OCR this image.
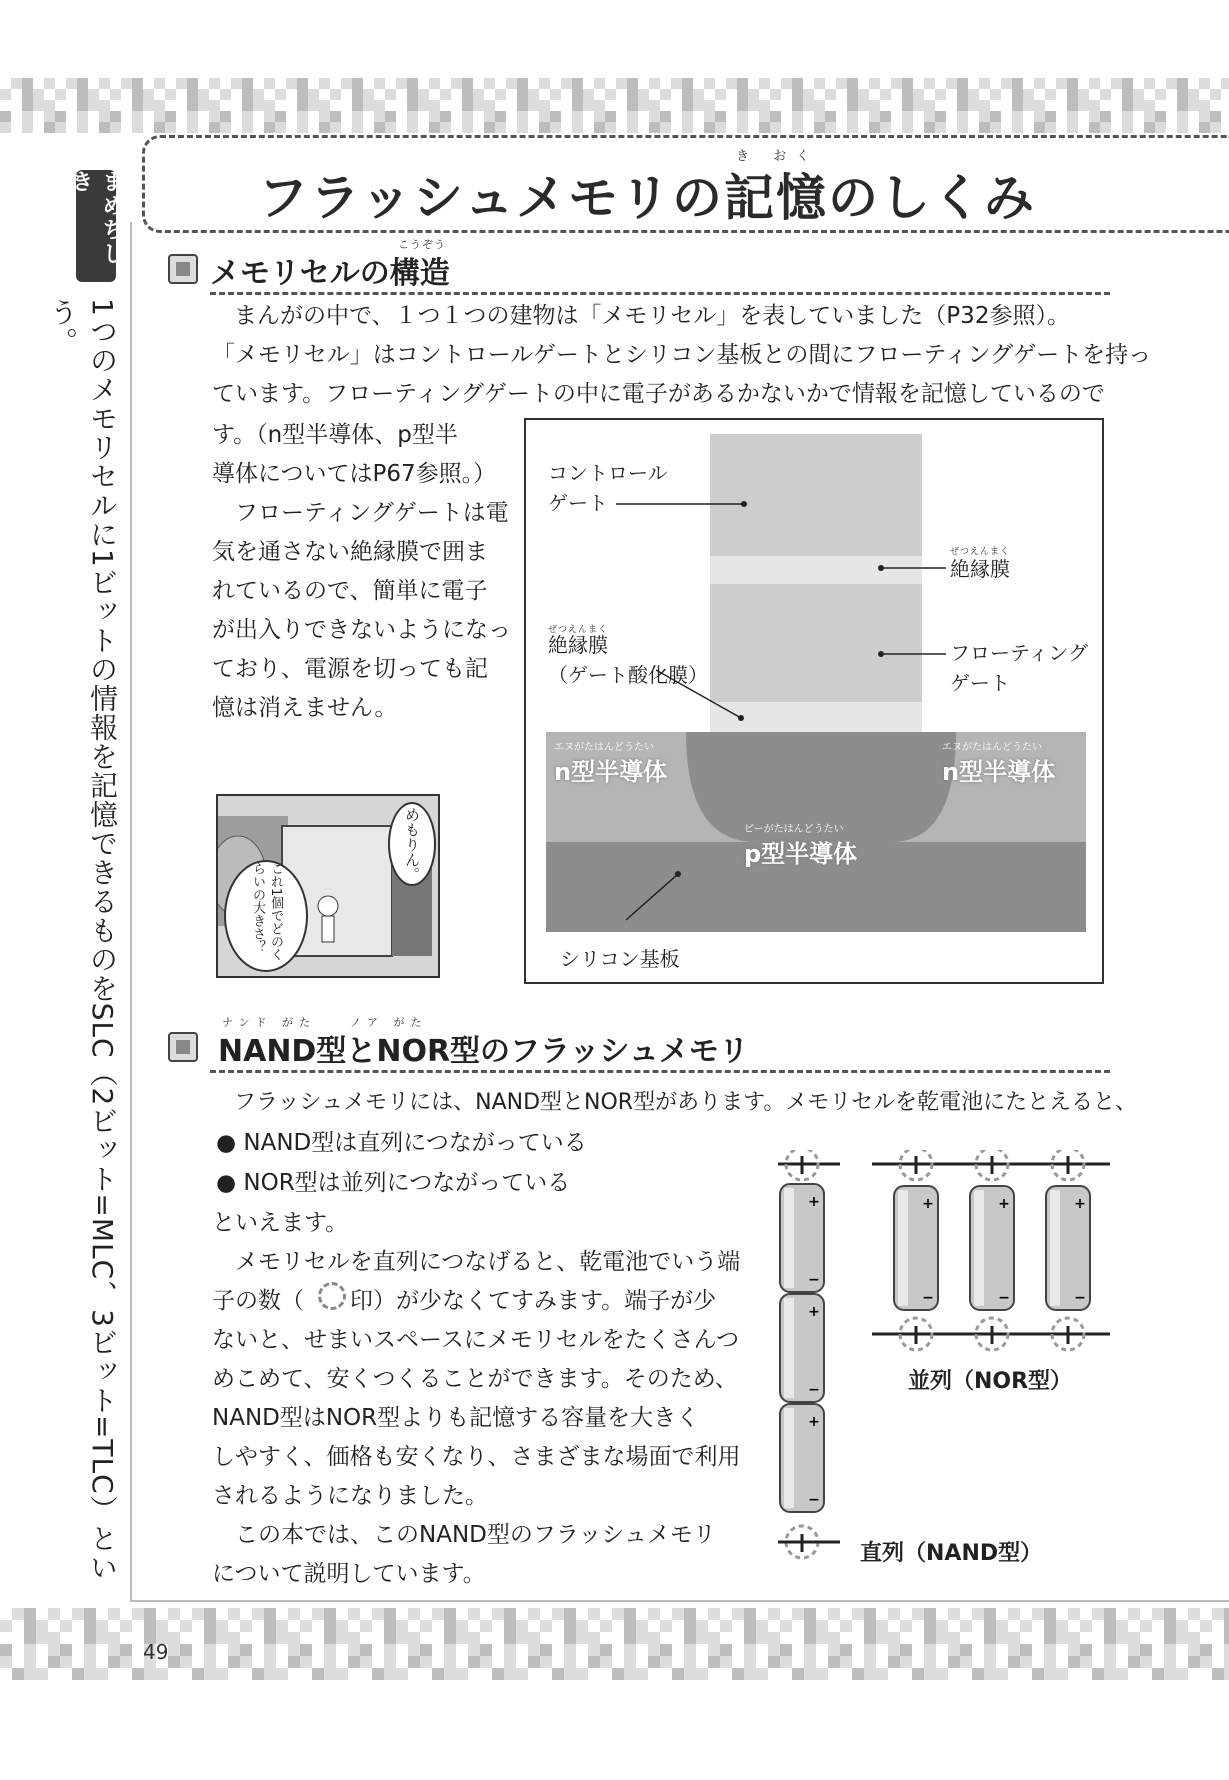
き おく
フラッシュメモリの記憶のしくみ
まめちしき
1つのメモリセルに1ビットの情報を記憶できるものをSLC（2ビット=MLC、3ビット=TLC）という。
こうぞう
メモリセルの構造
まんがの中で、１つ１つの建物は「メモリセル」を表していました（P32参照）。
「メモリセル」はコントロールゲートとシリコン基板との間にフローティングゲートを持っ
ています。フローティングゲートの中に電子があるかないかで情報を記憶しているので
す。（n型半導体、p型半
導体についてはP67参照。）
　フローティングゲートは電
気を通さない絶縁膜で囲ま
れているので、簡単に電子
が出入りできないようになっ
ており、電源を切っても記
憶は消えません。
コントロール
ゲート
ぜつえんまく
絶縁膜
ぜつえんまく
絶縁膜
（ゲート酸化膜）
フローティング
ゲート
エヌがたはんどうたい
n型半導体
エヌがたはんどうたい
n型半導体
ピーがたはんどうたい
p型半導体
シリコン基板
めもりん。
これ1個でどのくらいの大きさ？
ナンド がた　　ノア がた
NAND型とNOR型のフラッシュメモリ
フラッシュメモリには、NAND型とNOR型があります。メモリセルを乾電池にたとえると、
● NAND型は直列につながっている
● NOR型は並列につながっている
といえます。
　メモリセルを直列につなげると、乾電池でいう端
子の数（　　印）が少なくてすみます。端子が少
ないと、せまいスペースにメモリセルをたくさんつ
めこめて、安くつくることができます。そのため、
NAND型はNOR型よりも記憶する容量を大きく
しやすく、価格も安くなり、さまざまな場面で利用
されるようになりました。
　この本では、このNAND型のフラッシュメモリ
について説明しています。
+
−
+
−
+
−
+
−
+
−
+
−
並列（NOR型）
直列（NAND型）
49
